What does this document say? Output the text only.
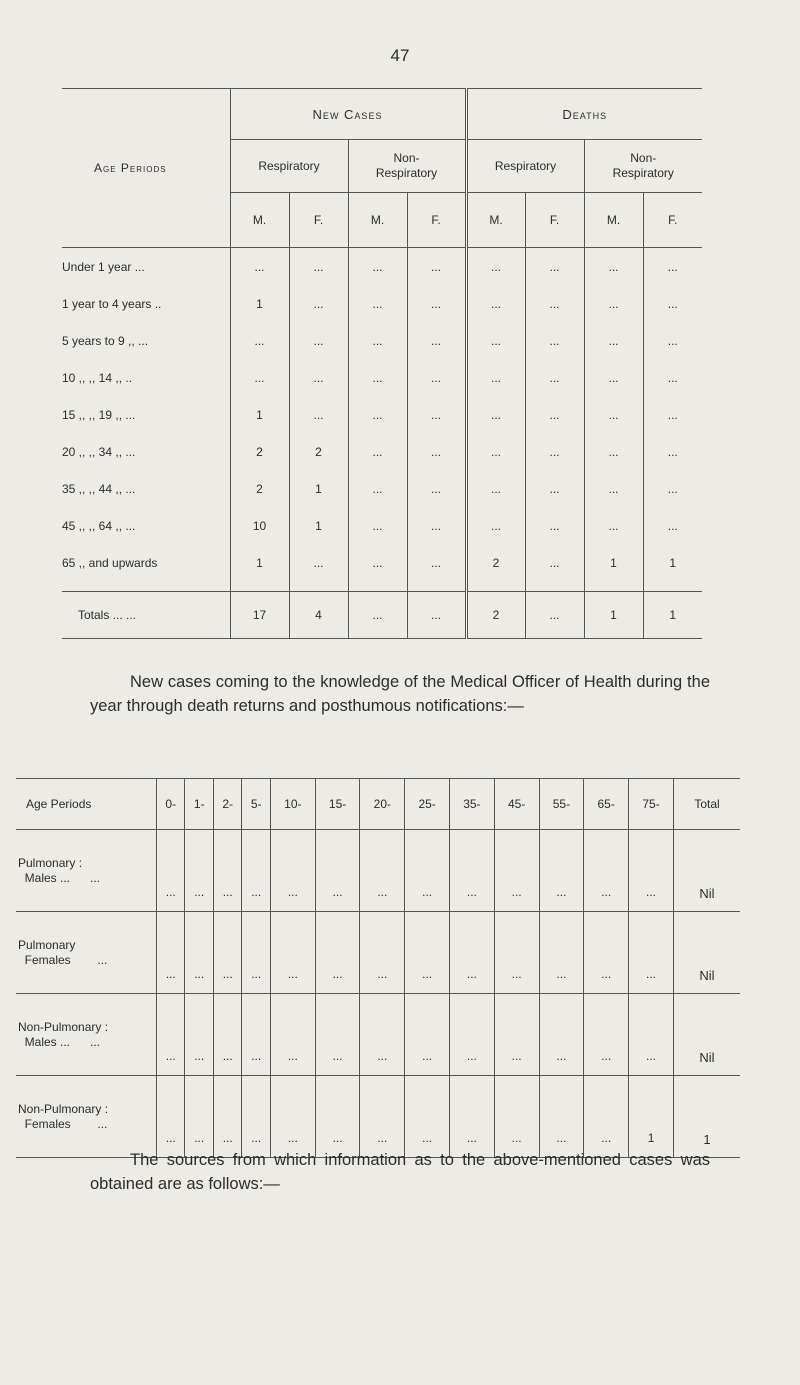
47
Age Periods	New Cases				Deaths			
	Respiratory		Non-
Respiratory		Respiratory		Non-
Respiratory	
	M.	F.	M.	F.	M.	F.	M.	F.
Under 1 year ...	...	...	...	...	...	...	...	...
1 year to 4 years ..	1	...	...	...	...	...	...	...
5 years to 9 ,, ...	...	...	...	...	...	...	...	...
10 ,, ,, 14 ,, ..	...	...	...	...	...	...	...	...
15 ,, ,, 19 ,, ...	1	...	...	...	...	...	...	...
20 ,, ,, 34 ,, ...	2	2	...	...	...	...	...	...
35 ,, ,, 44 ,, ...	2	1	...	...	...	...	...	...
45 ,, ,, 64 ,, ...	10	1	...	...	...	...	...	...
65 ,, and upwards	1	...	...	...	2	...	1	1

Totals ... ...	17	4	...	...	2	...	1	1
New cases coming to the knowledge of the Medical Officer of Health during the year through death returns and posthumous notifications:—
Age Periods	0-	1-	2-	5-	10-	15-	20-	25-	35-	45-	55-	65-	75-	Total
Pulmonary :
Males ...      ...	...	...	...	...	...	...	...	...	...	...	...	...	...	Nil
Pulmonary
Females        ...	...	...	...	...	...	...	...	...	...	...	...	...	...	Nil
Non-Pulmonary :
Males ...      ...	...	...	...	...	...	...	...	...	...	...	...	...	...	Nil
Non-Pulmonary :
Females        ...	...	...	...	...	...	...	...	...	...	...	...	...	1	1
The sources from which information as to the above-mentioned cases was obtained are as follows:—
